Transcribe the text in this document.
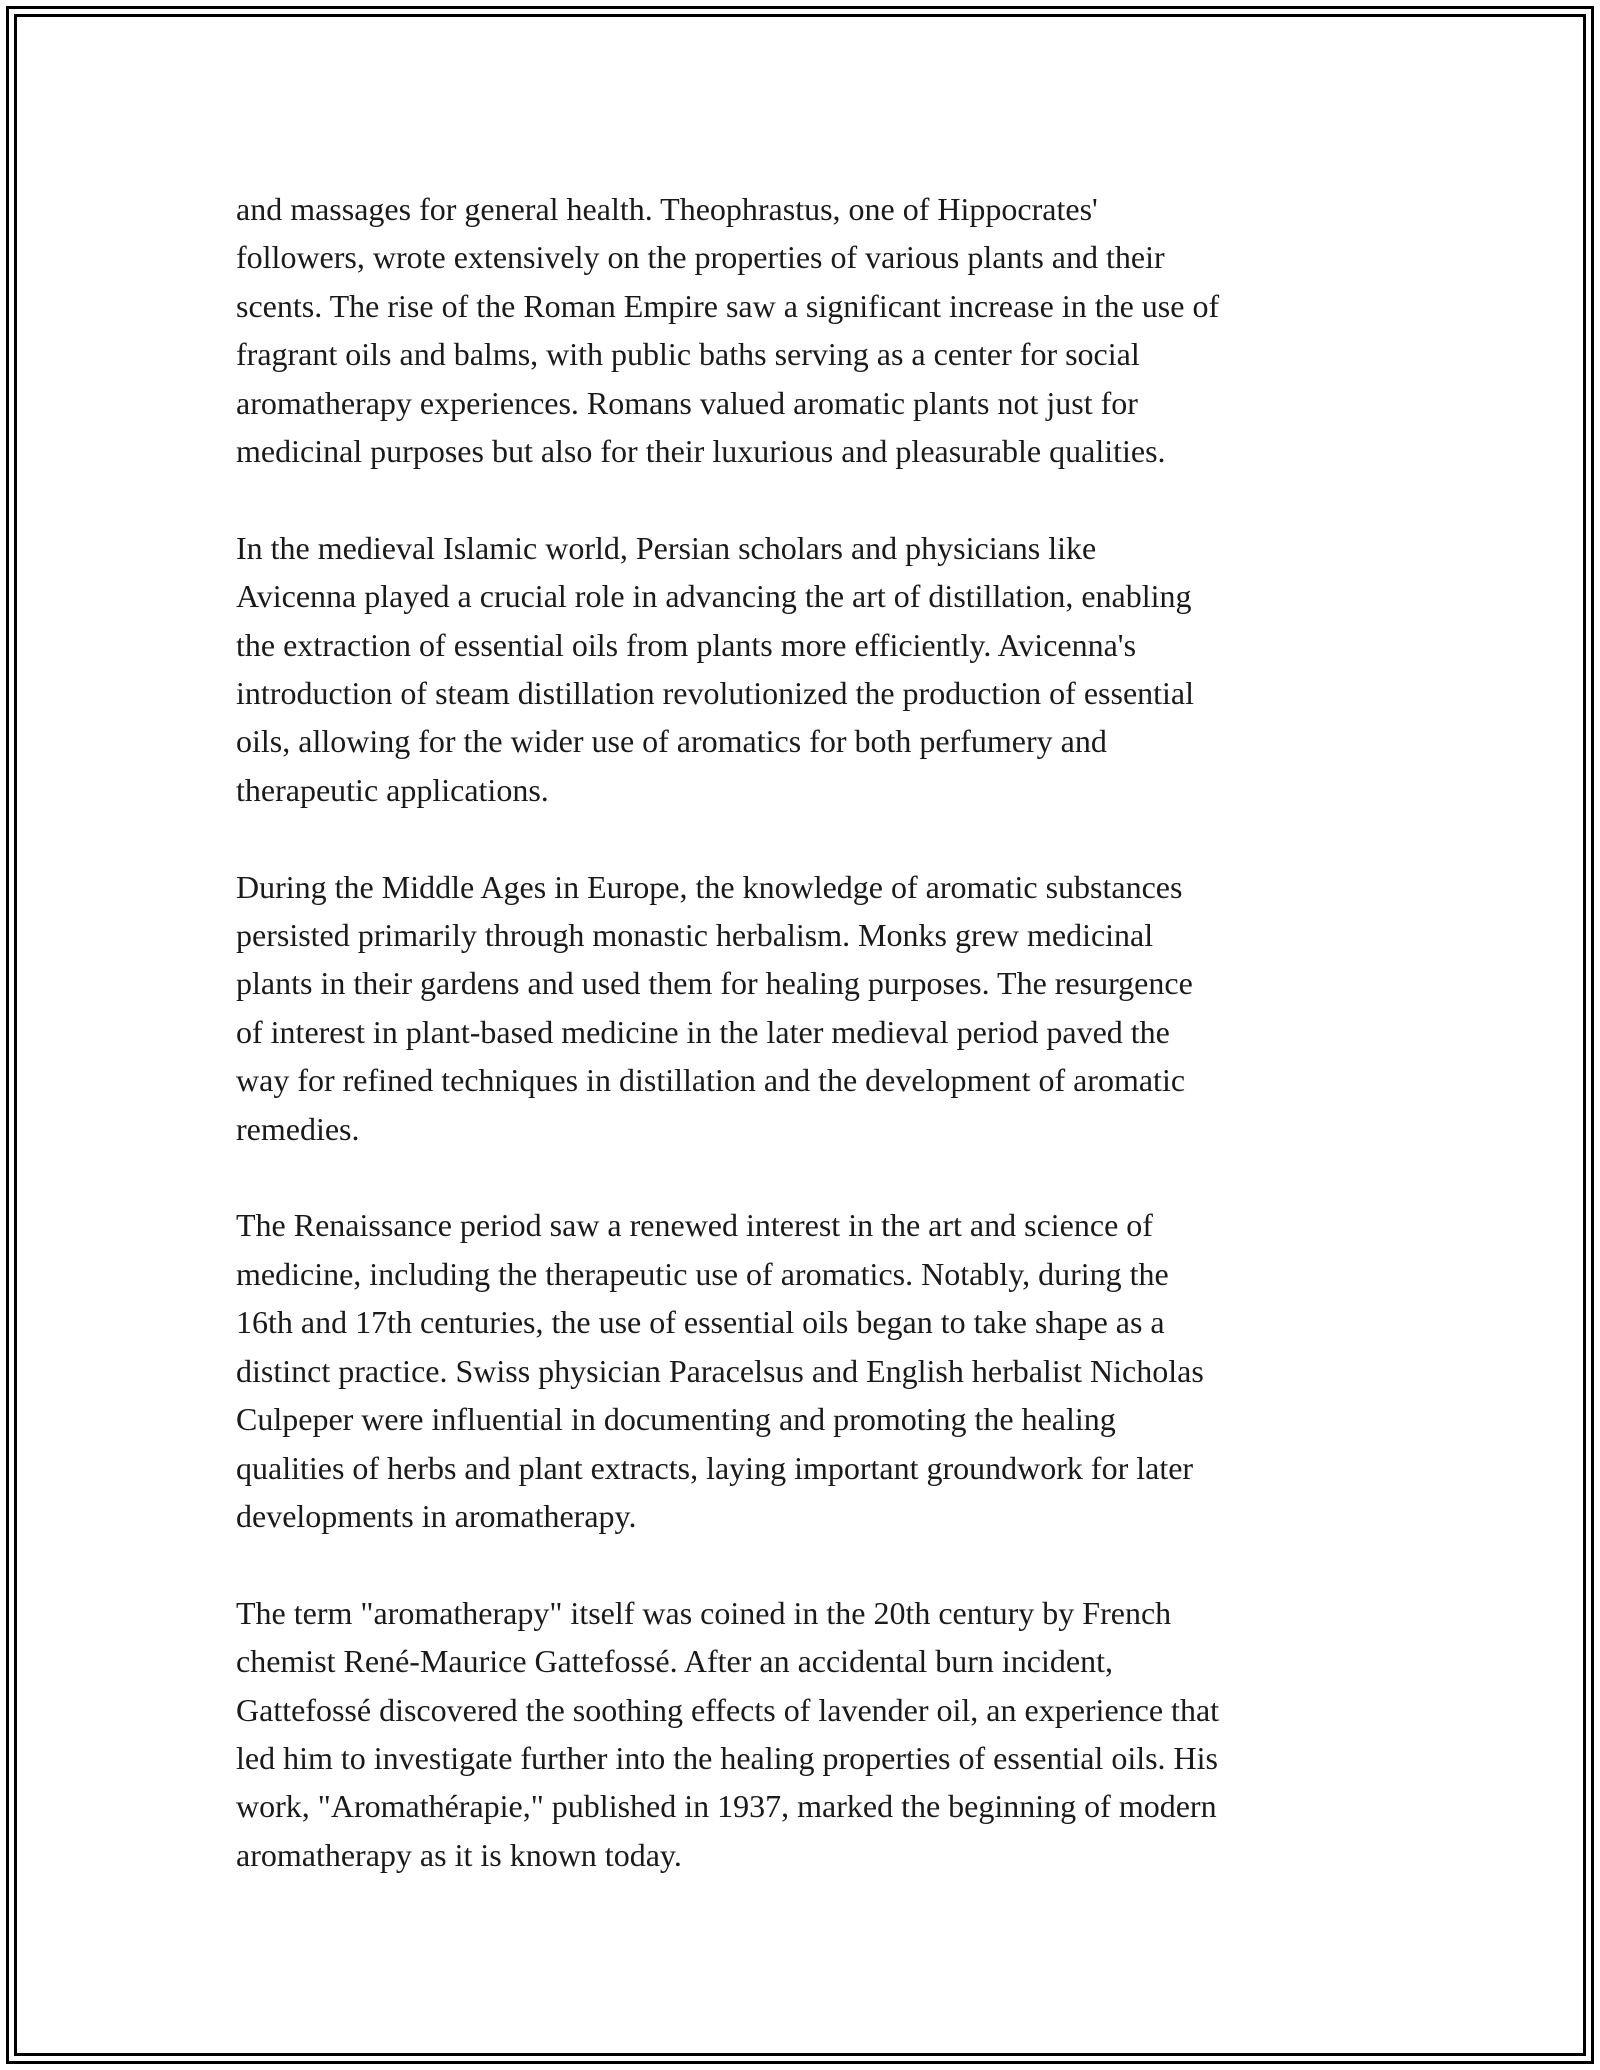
and massages for general health. Theophrastus, one of Hippocrates'
followers, wrote extensively on the properties of various plants and their
scents. The rise of the Roman Empire saw a significant increase in the use of
fragrant oils and balms, with public baths serving as a center for social
aromatherapy experiences. Romans valued aromatic plants not just for
medicinal purposes but also for their luxurious and pleasurable qualities.

In the medieval Islamic world, Persian scholars and physicians like
Avicenna played a crucial role in advancing the art of distillation, enabling
the extraction of essential oils from plants more efficiently. Avicenna's
introduction of steam distillation revolutionized the production of essential
oils, allowing for the wider use of aromatics for both perfumery and
therapeutic applications.

During the Middle Ages in Europe, the knowledge of aromatic substances
persisted primarily through monastic herbalism. Monks grew medicinal
plants in their gardens and used them for healing purposes. The resurgence
of interest in plant-based medicine in the later medieval period paved the
way for refined techniques in distillation and the development of aromatic
remedies.

The Renaissance period saw a renewed interest in the art and science of
medicine, including the therapeutic use of aromatics. Notably, during the
16th and 17th centuries, the use of essential oils began to take shape as a
distinct practice. Swiss physician Paracelsus and English herbalist Nicholas
Culpeper were influential in documenting and promoting the healing
qualities of herbs and plant extracts, laying important groundwork for later
developments in aromatherapy.

The term "aromatherapy" itself was coined in the 20th century by French
chemist René-Maurice Gattefossé. After an accidental burn incident,
Gattefossé discovered the soothing effects of lavender oil, an experience that
led him to investigate further into the healing properties of essential oils. His
work, "Aromathérapie," published in 1937, marked the beginning of modern
aromatherapy as it is known today.
